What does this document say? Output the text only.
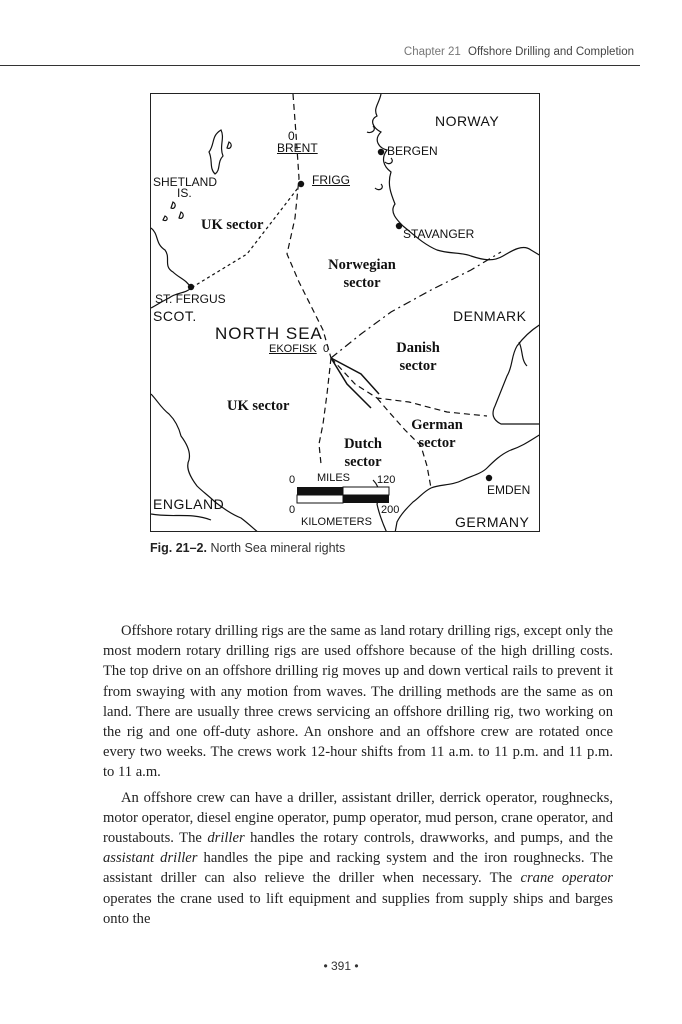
Chapter 21 Offshore Drilling and Completion
NORWAY
0
BRENT	BERGEN
SHETLAND
IS.
FRIGG
UK sector
STAVANGER
Norwegian
sector
ST. FERGUS
SCOT.	DENMARK
NORTH SEA
EKOFISK 0	Danish
sector
UK sector
German
sector
Dutch
sector
0 MILES 120
0	200
KILOMETERS
EMDEN
ENGLAND
GERMANY
Fig. 21–2. North Sea mineral rights

Offshore rotary drilling rigs are the same as land rotary drilling rigs, except only the most modern rotary drilling rigs are used offshore because of the high drilling costs. The top drive on an offshore drilling rig moves up and down vertical rails to prevent it from swaying with any motion from waves. The drilling methods are the same as on land. There are usually three crews servicing an offshore drilling rig, two working on the rig and one off-duty ashore. An onshore and an offshore crew are rotated once every two weeks. The crews work 12-hour shifts from 11 a.m. to 11 p.m. and 11 p.m. to 11 a.m.

An offshore crew can have a driller, assistant driller, derrick operator, roughnecks, motor operator, diesel engine operator, pump operator, mud person, crane operator, and roustabouts. The driller handles the rotary controls, drawworks, and pumps, and the assistant driller handles the pipe and racking system and the iron roughnecks. The assistant driller can also relieve the driller when necessary. The crane operator operates the crane used to lift equipment and supplies from supply ships and barges onto the

• 391 •
